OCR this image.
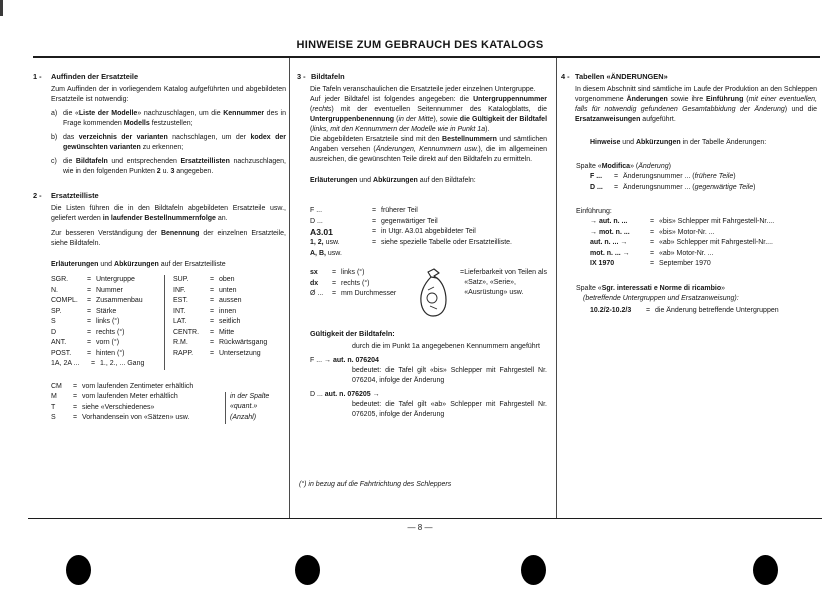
HINWEISE ZUM GEBRAUCH DES KATALOGS
1 -	Auffinden der Ersatzteile
Zum Auffinden der in vorliegendem Katalog aufgeführten und abgebildeten Ersatzteile ist notwendig:
a) die «Liste der Modelle» nachzuschlagen, um die Kennummer des in Frage kommenden Modells festzustellen;
b) das verzeichnis der varianten nachschlagen, um der kodex der gewünschten varianten zu erkennen;
c) die Bildtafeln und entsprechenden Ersatzteillisten nachzuschlagen, wie in den folgenden Punkten 2 u. 3 angegeben.
2 -	Ersatzteilliste
Die Listen führen die in den Bildtafeln abgebildeten Ersatzteile usw., geliefert werden in laufender Bestellnummernfolge an.
Zur besseren Verständigung der Benennung der einzelnen Ersatzteile, siehe Bildtafeln.
Erläuterungen und Abkürzungen auf der Ersatzteilliste
SGR.	= Untergruppe
N.	= Nummer
COMPL.	= Zusammenbau
SP.	= Stärke
S	= links (°)
D	= rechts (°)
ANT.	= vorn (°)
POST.	= hinten (°)
1A, 2A ...	= 1., 2., ... Gang
SUP.	= oben
INF.	= unten
EST.	= aussen
INT.	= innen
LAT.	= seitlich
CENTR.	= Mitte
R.M.	= Rückwärtsgang
RAPP.	= Untersetzung
CM	= vom laufenden Zentimeter erhältlich
M	= vom laufenden Meter erhältlich
T	= siehe «Verschiedenes»
S	= Vorhandensein von «Sätzen» usw.
in der Spalte
«quant.»
(Anzahl)
3 - Bildtafeln
Die Tafeln veranschaulichen die Ersatzteile jeder einzelnen Untergruppe.
Auf jeder Bildtafel ist folgendes angegeben: die Untergruppennummer (rechts) mit der eventuellen Seitennummer des Katalogblatts, die Untergruppenbenennung (in der Mitte), sowie die Gültigkeit der Bildtafel (links, mit den Kennummern der Modelle wie in Punkt 1a).
Die abgebildeten Ersatzteile sind mit den Bestellnummern und sämtlichen Angaben versehen (Änderungen, Kennummern usw.), die im allgemeinen ausreichen, die gewünschten Teile direkt auf den Bildtafeln zu ermitteln.
Erläuterungen und Abkürzungen auf den Bildtafeln:
F ...	= früherer Teil
D ...	= gegenwärtiger Teil
A3.01	= in Utgr. A3.01 abgebildeter Teil
1, 2, usw.
A, B, usw.
= siehe spezielle Tabelle oder Ersatzteilliste.
sx	= links (°)
dx	= rechts (°)
Ø ...	= mm Durchmesser
= Lieferbarkeit von Teilen als «Satz», «Serie», «Ausrüstung» usw.
Gültigkeit der Bildtafeln:
durch die im Punkt 1a angegebenen Kennummern angeführt
F ... → aut. n. 076204
bedeutet: die Tafel gilt «bis» Schlepper mit Fahrgestell Nr. 076204, infolge der Änderung
D ... aut. n. 076205 →
bedeutet: die Tafel gilt «ab» Schlepper mit Fahrgestell Nr. 076205, infolge der Änderung
(°) in bezug auf die Fahrtrichtung des Schleppers
4 - Tabellen «ÄNDERUNGEN»
In diesem Abschnitt sind sämtliche im Laufe der Produktion an den Schleppen vorgenommene Änderungen sowie ihre Einführung (mit einer eventuellen, falls für notwendig gefundenen Gesamtabbidung der Änderung) und die Ersatzanweisungen aufgeführt.
Hinweise und Abkürzungen in der Tabelle Änderungen:
Spalte «Modifica» (Änderung)
F ...	= Änderungsnummer ... (frühere Teile)
D ...	= Änderungsnummer ... (gegenwärtige Teile)
Einführung:
→ aut. n. ...	= «bis» Schlepper mit Fahrgestell-Nr....
→ mot. n. ...	= «bis» Motor-Nr. ...
aut. n. ... →	= «ab» Schlepper mit Fahrgestell-Nr....
mot. n. ... →	= «ab» Motor-Nr. ...
IX 1970	= September 1970
Spalte «Sgr. interessati e Norme di ricambio»
(betreffende Untergruppen und Ersatzanweisung):
10.2/2-10.2/3	= die Änderung betreffende Untergruppen
— 8 —
